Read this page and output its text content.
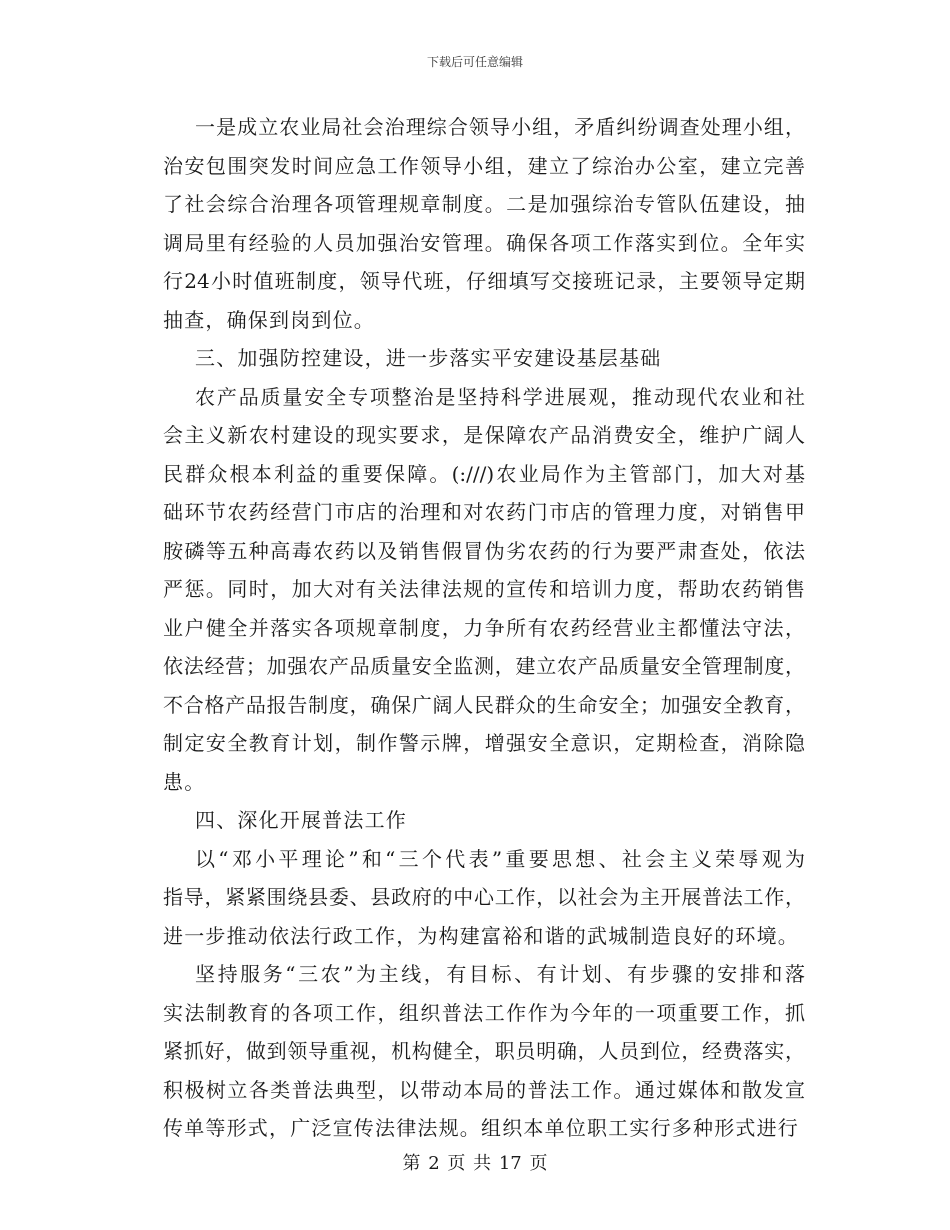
下载后可任意编辑
一是成立农业局社会治理综合领导小组，矛盾纠纷调查处理小组，
治安包围突发时间应急工作领导小组，建立了综治办公室，建立完善
了社会综合治理各项管理规章制度。二是加强综治专管队伍建设，抽
调局里有经验的人员加强治安管理。确保各项工作落实到位。全年实
行24小时值班制度，领导代班，仔细填写交接班记录，主要领导定期
抽查，确保到岗到位。
三、加强防控建设，进一步落实平安建设基层基础
农产品质量安全专项整治是坚持科学进展观，推动现代农业和社
会主义新农村建设的现实要求，是保障农产品消费安全，维护广阔人
民群众根本利益的重要保障。(:///)农业局作为主管部门，加大对基
础环节农药经营门市店的治理和对农药门市店的管理力度，对销售甲
胺磷等五种高毒农药以及销售假冒伪劣农药的行为要严肃查处，依法
严惩。同时，加大对有关法律法规的宣传和培训力度，帮助农药销售
业户健全并落实各项规章制度，力争所有农药经营业主都懂法守法，
依法经营；加强农产品质量安全监测，建立农产品质量安全管理制度，
不合格产品报告制度，确保广阔人民群众的生命安全；加强安全教育，
制定安全教育计划，制作警示牌，增强安全意识，定期检查，消除隐
患。
四、深化开展普法工作
以“邓小平理论”和“三个代表”重要思想、社会主义荣辱观为
指导，紧紧围绕县委、县政府的中心工作，以社会为主开展普法工作，
进一步推动依法行政工作，为构建富裕和谐的武城制造良好的环境。
坚持服务“三农”为主线，有目标、有计划、有步骤的安排和落
实法制教育的各项工作，组织普法工作作为今年的一项重要工作，抓
紧抓好，做到领导重视，机构健全，职员明确，人员到位，经费落实，
积极树立各类普法典型，以带动本局的普法工作。通过媒体和散发宣
传单等形式，广泛宣传法律法规。组织本单位职工实行多种形式进行
第 2 页 共 17 页
